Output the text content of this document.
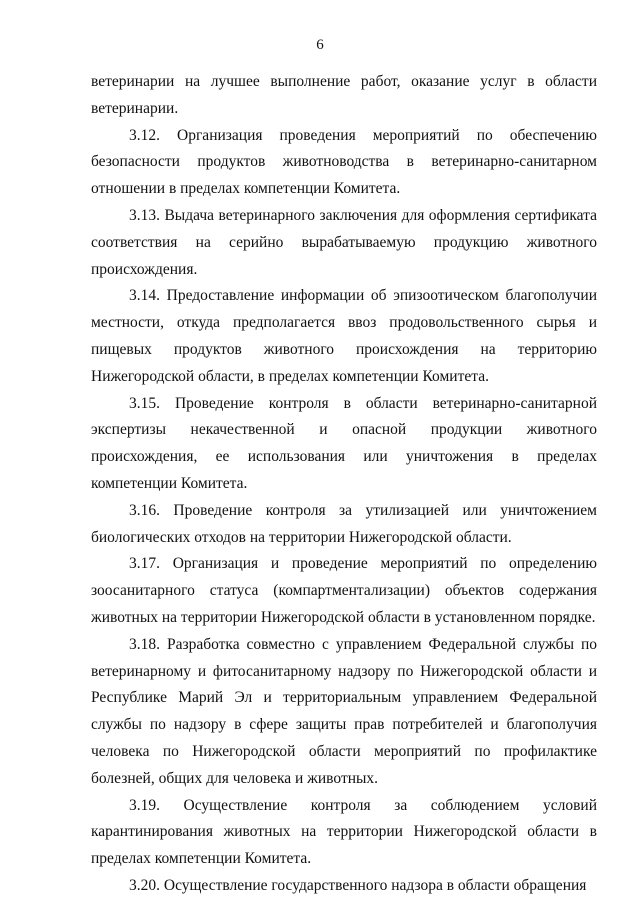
6

ветеринарии на лучшее выполнение работ, оказание услуг в области ветеринарии.

3.12. Организация проведения мероприятий по обеспечению безопасности продуктов животноводства в ветеринарно-санитарном отношении в пределах компетенции Комитета.

3.13. Выдача ветеринарного заключения для оформления сертификата соответствия на серийно вырабатываемую продукцию животного происхождения.

3.14. Предоставление информации об эпизоотическом благополучии местности, откуда предполагается ввоз продовольственного сырья и пищевых продуктов животного происхождения на территорию Нижегородской области, в пределах компетенции Комитета.

3.15. Проведение контроля в области ветеринарно-санитарной экспертизы некачественной и опасной продукции животного происхождения, ее использования или уничтожения в пределах компетенции Комитета.

3.16. Проведение контроля за утилизацией или уничтожением биологических отходов на территории Нижегородской области.

3.17. Организация и проведение мероприятий по определению зоосанитарного статуса (компартментализации) объектов содержания животных на территории Нижегородской области в установленном порядке.

3.18. Разработка совместно с управлением Федеральной службы по ветеринарному и фитосанитарному надзору по Нижегородской области и Республике Марий Эл и территориальным управлением Федеральной службы по надзору в сфере защиты прав потребителей и благополучия человека по Нижегородской области мероприятий по профилактике болезней, общих для человека и животных.

3.19. Осуществление контроля за соблюдением условий карантинирования животных на территории Нижегородской области в пределах компетенции Комитета.

3.20. Осуществление государственного надзора в области обращения
